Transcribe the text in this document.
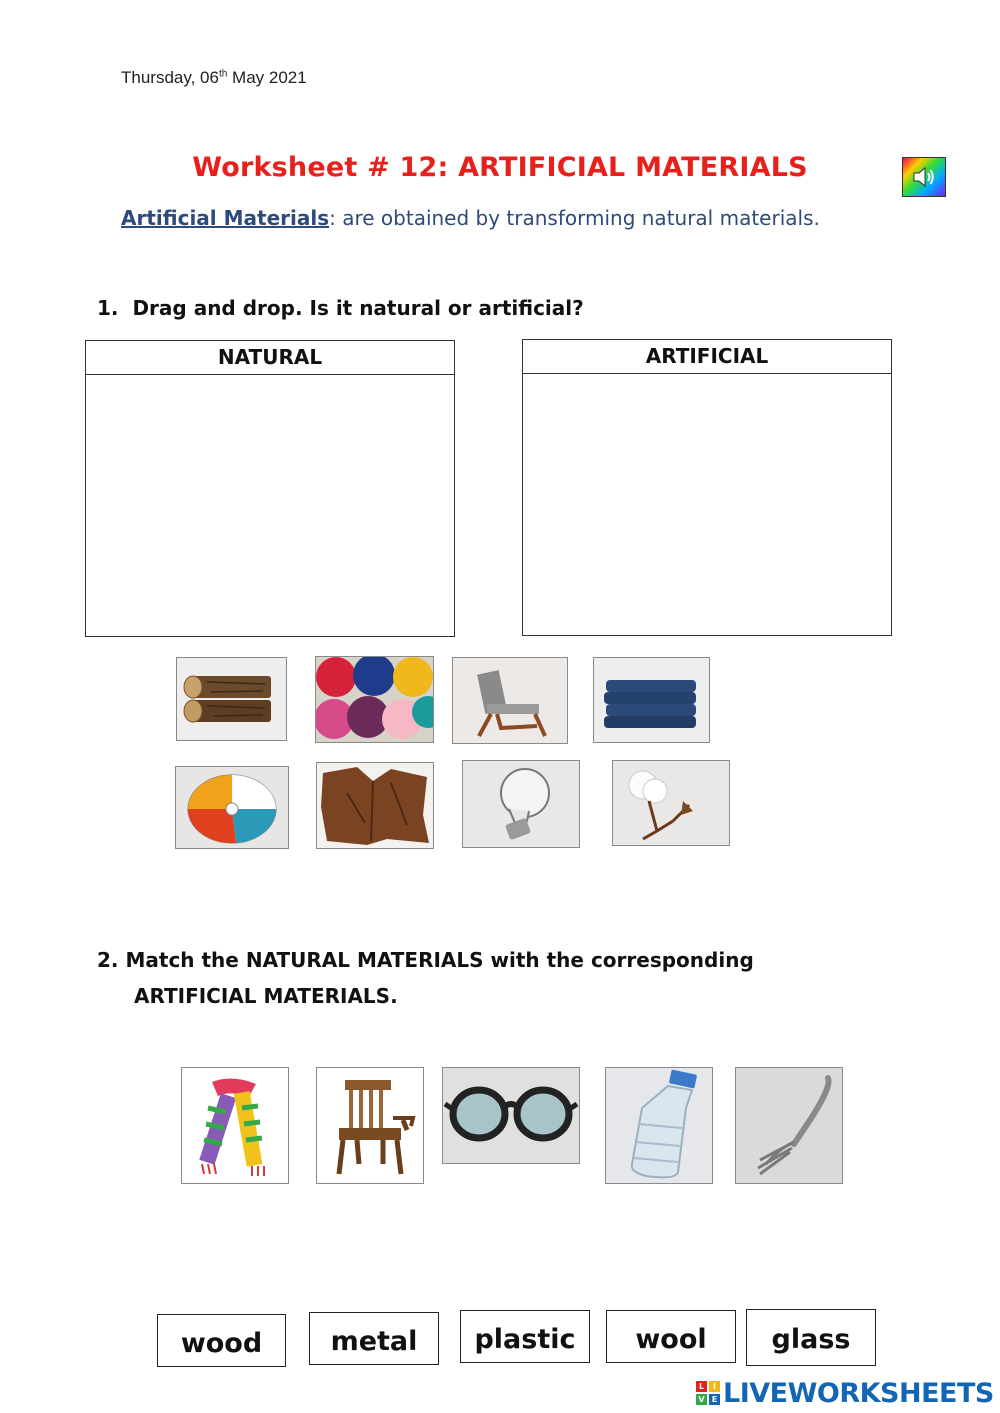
Thursday, 06th May 2021
Worksheet # 12: ARTIFICIAL MATERIALS
Artificial Materials: are obtained by transforming natural materials.
1. Drag and drop. Is it natural or artificial?
NATURAL	ARTIFICIAL
2. Match the NATURAL MATERIALS with the corresponding
ARTIFICIAL MATERIALS.
wood	metal	plastic	wool	glass
L	I
V E LIVEWORKSHEETS
